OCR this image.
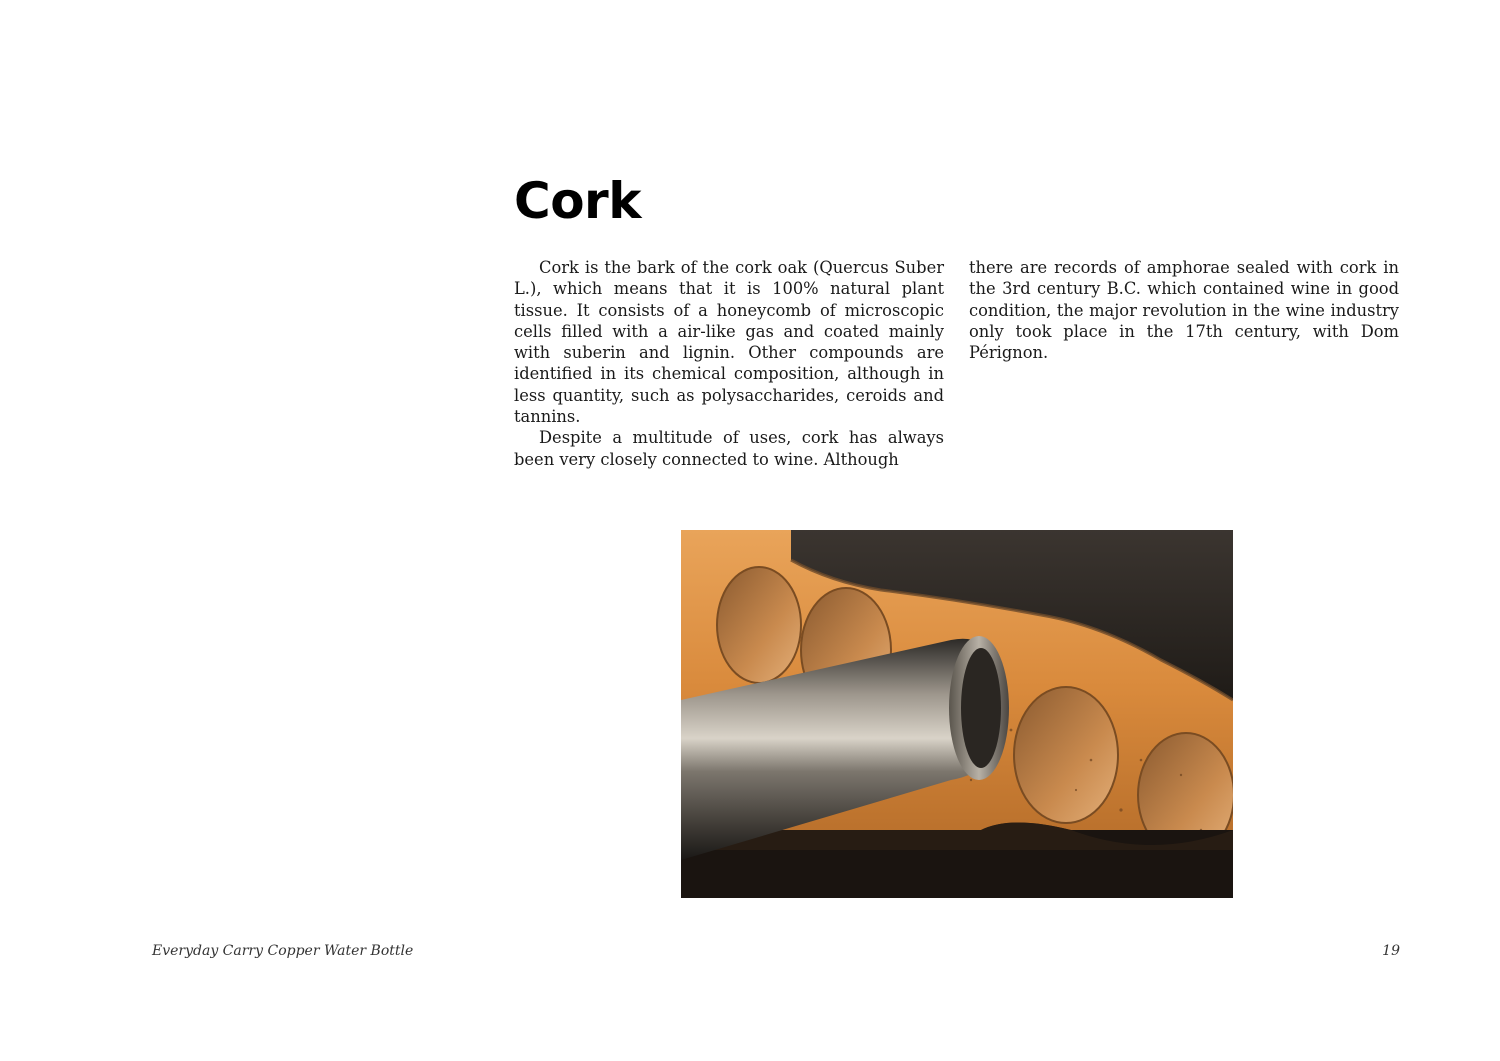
Cork

Cork is the bark of the cork oak (Quercus Suber L.), which means that it is 100% natural plant tissue. It consists of a honeycomb of microscopic cells filled with a air-like gas and coated mainly with suberin and lignin. Other compounds are identified in its chemical composition, although in less quantity, such as polysaccharides, ceroids and tannins.

Despite a multitude of uses, cork has always been very closely connected to wine. Although

there are records of amphorae sealed with cork in the 3rd century B.C. which contained wine in good condition, the major revolution in the wine industry only took place in the 17th century, with Dom Pérignon.

Everyday Carry Copper Water Bottle	19
